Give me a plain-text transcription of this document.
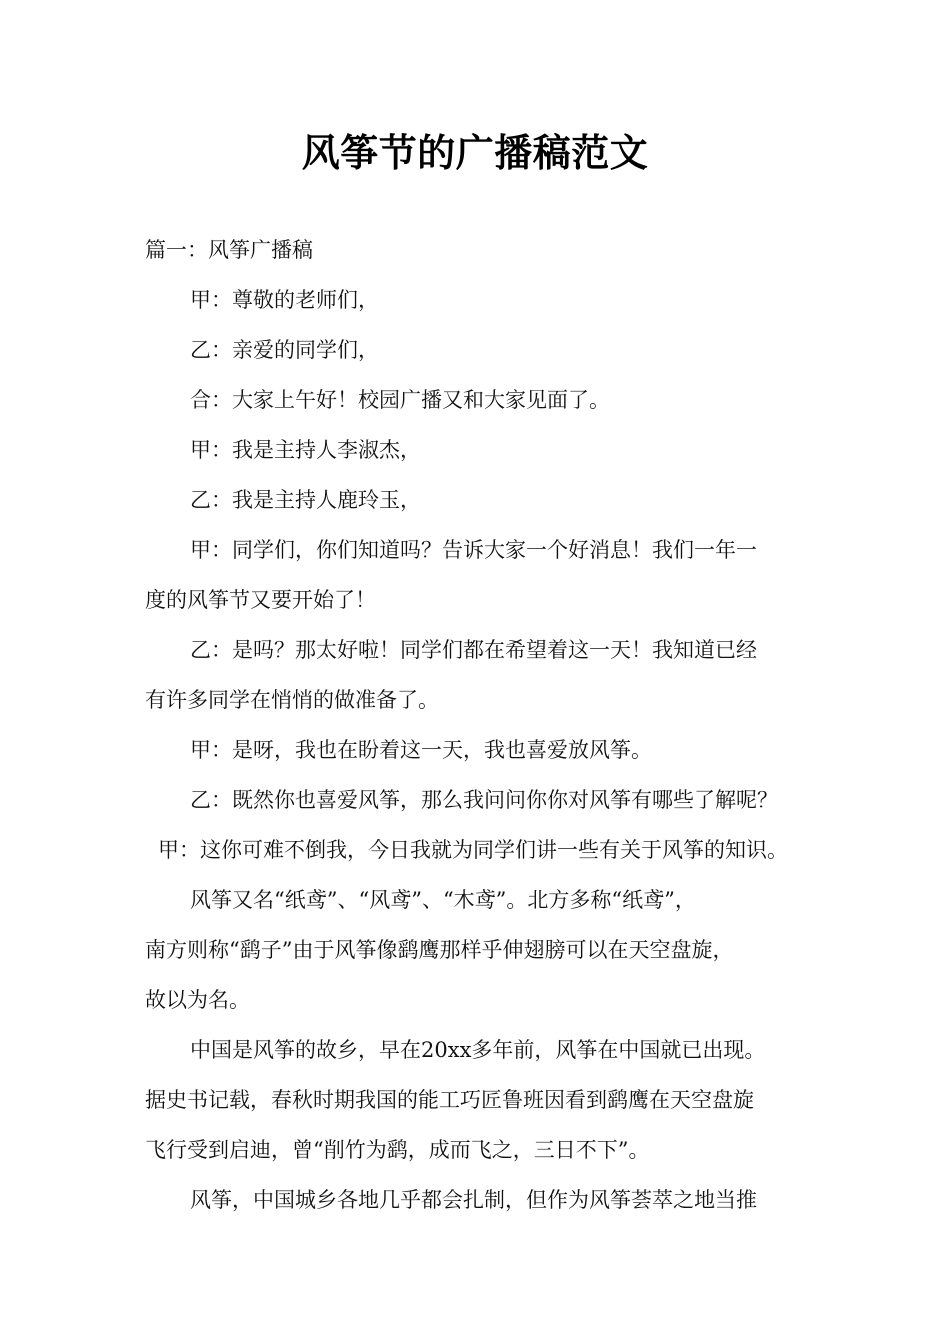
风筝节的广播稿范文
篇一：风筝广播稿
甲：尊敬的老师们，
乙：亲爱的同学们，
合：大家上午好！校园广播又和大家见面了。
甲：我是主持人李淑杰，
乙：我是主持人鹿玲玉，
甲：同学们，你们知道吗？告诉大家一个好消息！我们一年一
度的风筝节又要开始了！
乙：是吗？那太好啦！同学们都在希望着这一天！我知道已经
有许多同学在悄悄的做准备了。
甲：是呀，我也在盼着这一天，我也喜爱放风筝。
乙：既然你也喜爱风筝，那么我问问你你对风筝有哪些了解呢？
甲：这你可难不倒我，今日我就为同学们讲一些有关于风筝的知识。
风筝又名“纸鸢”、“风鸢”、“木鸢”。北方多称“纸鸢”，
南方则称“鹞子”由于风筝像鹞鹰那样乎伸翅膀可以在天空盘旋，
故以为名。
中国是风筝的故乡，早在20xx多年前，风筝在中国就已出现。
据史书记载，春秋时期我国的能工巧匠鲁班因看到鹞鹰在天空盘旋
飞行受到启迪，曾“削竹为鹞，成而飞之，三日不下”。
风筝，中国城乡各地几乎都会扎制，但作为风筝荟萃之地当推
